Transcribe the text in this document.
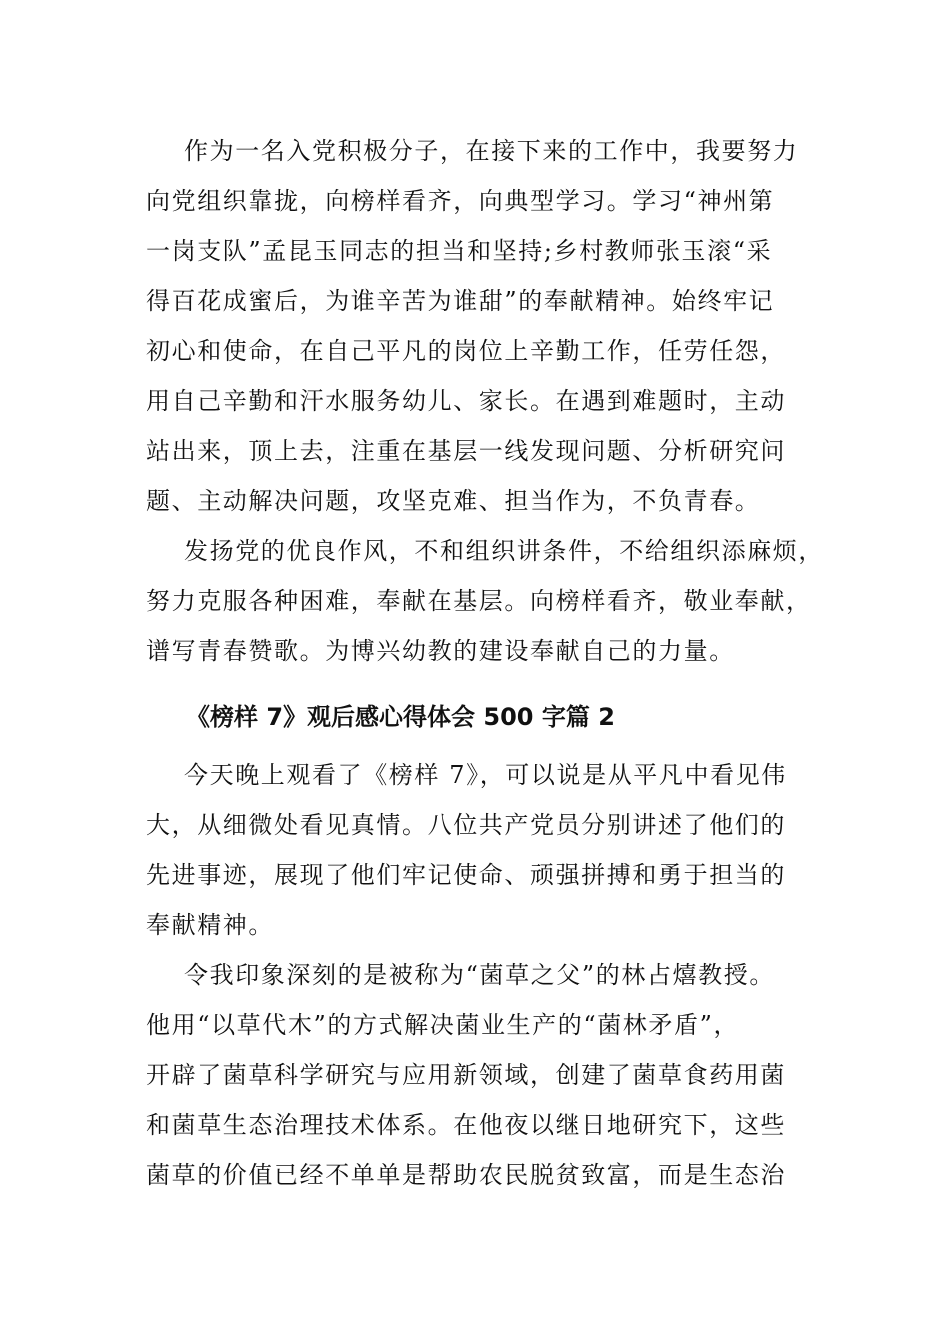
作为一名入党积极分子，在接下来的工作中，我要努力
向党组织靠拢，向榜样看齐，向典型学习。学习“神州第
一岗支队”孟昆玉同志的担当和坚持;乡村教师张玉滚“采
得百花成蜜后，为谁辛苦为谁甜”的奉献精神。始终牢记
初心和使命，在自己平凡的岗位上辛勤工作，任劳任怨，
用自己辛勤和汗水服务幼儿、家长。在遇到难题时，主动
站出来，顶上去，注重在基层一线发现问题、分析研究问
题、主动解决问题，攻坚克难、担当作为，不负青春。
发扬党的优良作风，不和组织讲条件，不给组织添麻烦，
努力克服各种困难，奉献在基层。向榜样看齐，敬业奉献，
谱写青春赞歌。为博兴幼教的建设奉献自己的力量。
《榜样 7》观后感心得体会 500 字篇 2
今天晚上观看了《榜样 7》，可以说是从平凡中看见伟
大，从细微处看见真情。八位共产党员分别讲述了他们的
先进事迹，展现了他们牢记使命、顽强拼搏和勇于担当的
奉献精神。
令我印象深刻的是被称为“菌草之父”的林占熺教授。
他用“以草代木”的方式解决菌业生产的“菌林矛盾”，
开辟了菌草科学研究与应用新领域，创建了菌草食药用菌
和菌草生态治理技术体系。在他夜以继日地研究下，这些
菌草的价值已经不单单是帮助农民脱贫致富，而是生态治
